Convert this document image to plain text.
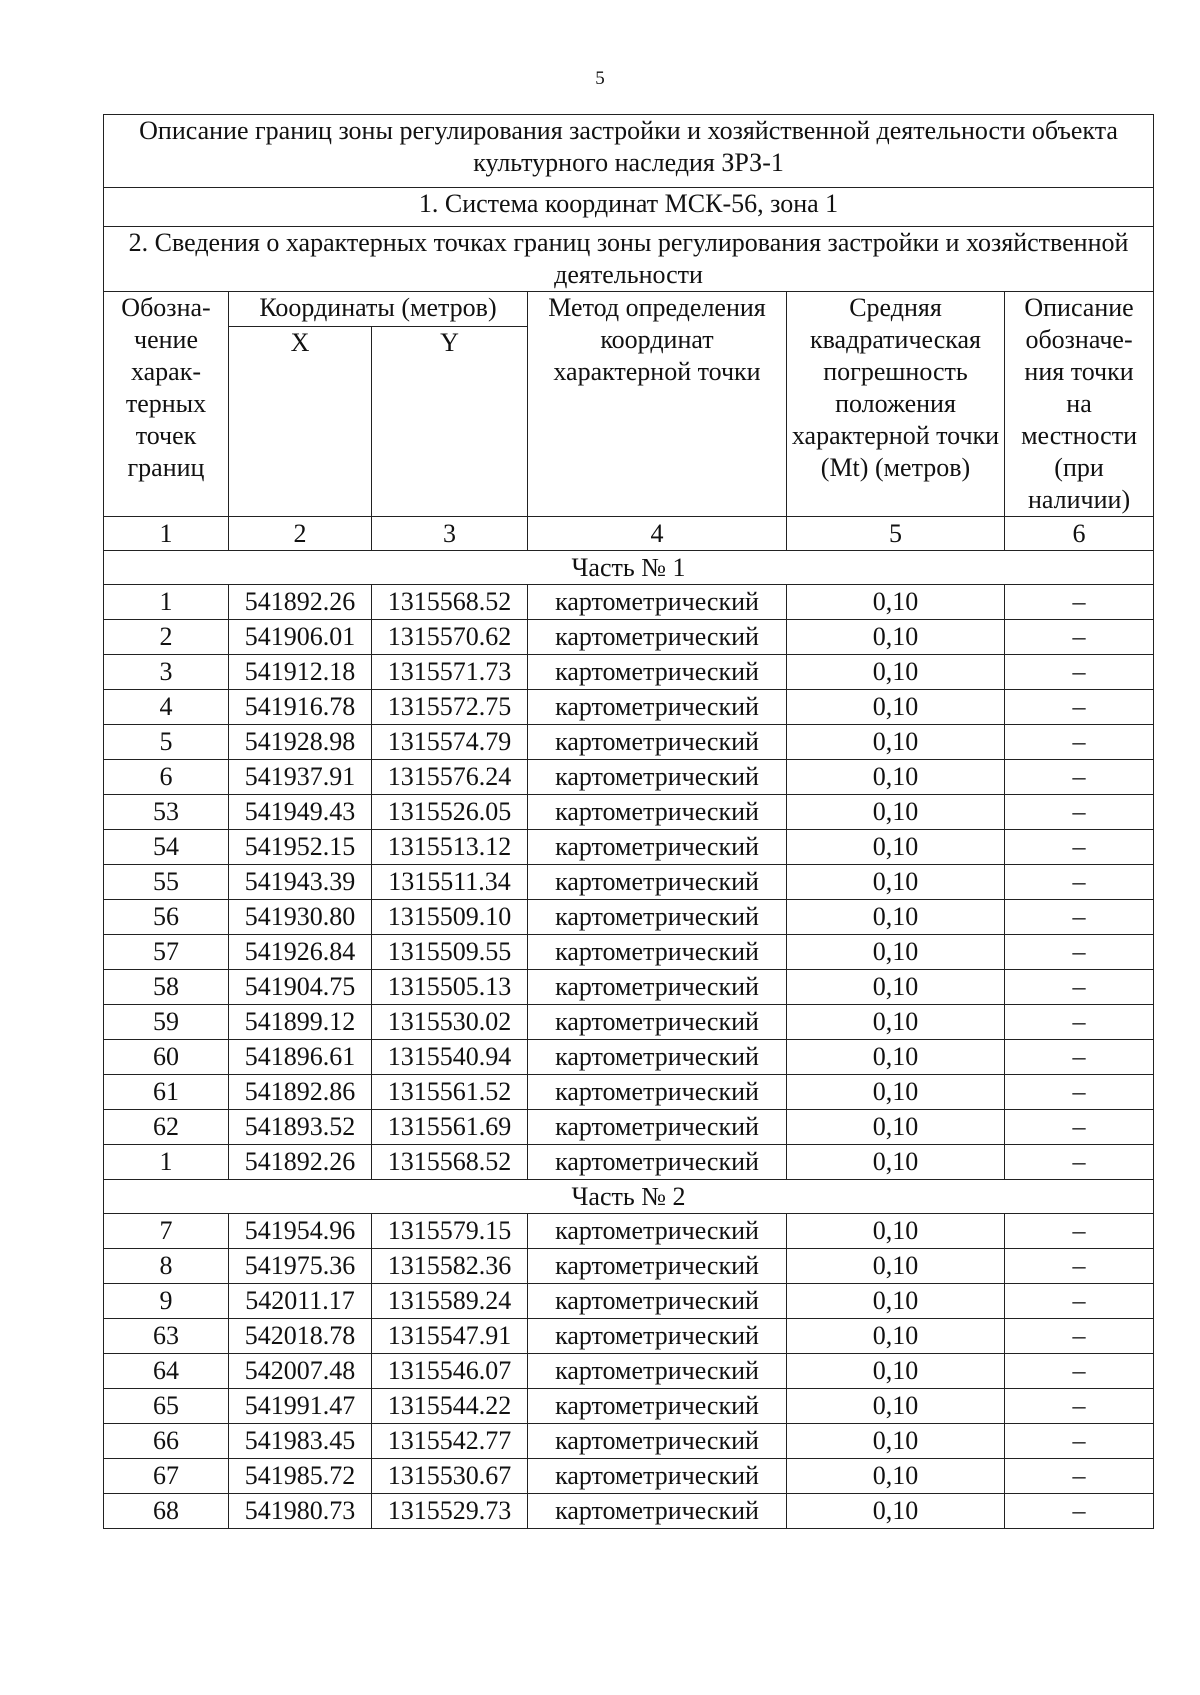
5
Описание границ зоны регулирования застройки и хозяйственной деятельности объекта культурного наследия ЗРЗ-1					
1. Система координат МСК-56, зона 1					
2. Сведения о характерных точках границ зоны регулирования застройки и хозяйственной деятельности					
Обозна-чение харак-терных точек границ	Координаты (метров)		Метод определения координат характерной точки	Средняя квадратическая погрешность положения характерной точки (Mt) (метров)	Описание обозначе-ния точки на местности (при наличии)
	X	Y			
1	2	3	4	5	6
Часть № 1					
1	541892.26	1315568.52	картометрический	0,10	–
2	541906.01	1315570.62	картометрический	0,10	–
3	541912.18	1315571.73	картометрический	0,10	–
4	541916.78	1315572.75	картометрический	0,10	–
5	541928.98	1315574.79	картометрический	0,10	–
6	541937.91	1315576.24	картометрический	0,10	–
53	541949.43	1315526.05	картометрический	0,10	–
54	541952.15	1315513.12	картометрический	0,10	–
55	541943.39	1315511.34	картометрический	0,10	–
56	541930.80	1315509.10	картометрический	0,10	–
57	541926.84	1315509.55	картометрический	0,10	–
58	541904.75	1315505.13	картометрический	0,10	–
59	541899.12	1315530.02	картометрический	0,10	–
60	541896.61	1315540.94	картометрический	0,10	–
61	541892.86	1315561.52	картометрический	0,10	–
62	541893.52	1315561.69	картометрический	0,10	–
1	541892.26	1315568.52	картометрический	0,10	–
Часть № 2					
7	541954.96	1315579.15	картометрический	0,10	–
8	541975.36	1315582.36	картометрический	0,10	–
9	542011.17	1315589.24	картометрический	0,10	–
63	542018.78	1315547.91	картометрический	0,10	–
64	542007.48	1315546.07	картометрический	0,10	–
65	541991.47	1315544.22	картометрический	0,10	–
66	541983.45	1315542.77	картометрический	0,10	–
67	541985.72	1315530.67	картометрический	0,10	–
68	541980.73	1315529.73	картометрический	0,10	–
